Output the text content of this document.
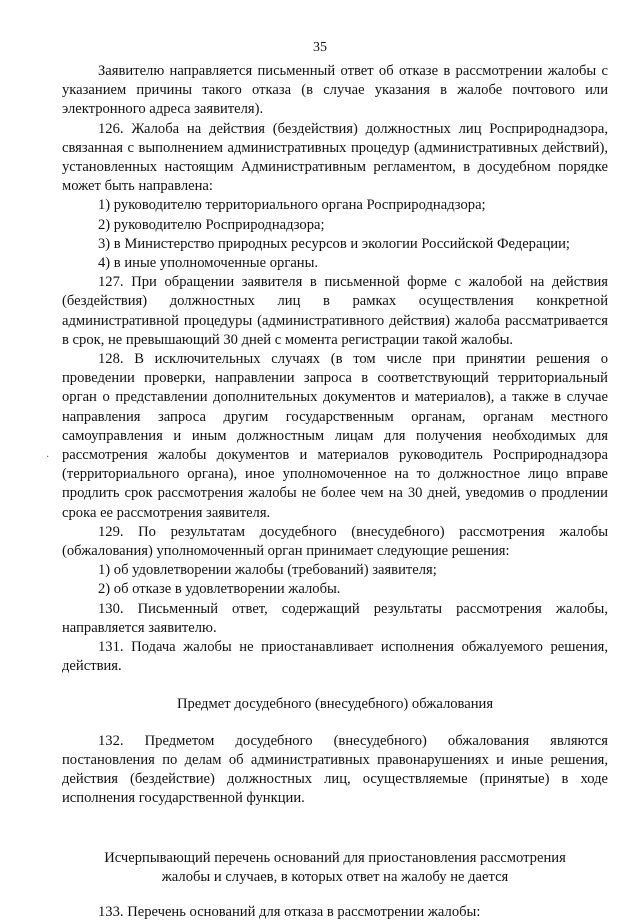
35
·

Заявителю направляется письменный ответ об отказе в рассмотрении жалобы с указанием причины такого отказа (в случае указания в жалобе почтового или электронного адреса заявителя).

126. Жалоба на действия (бездействия) должностных лиц Росприроднадзора, связанная с выполнением административных процедур (административных действий), установленных настоящим Административным регламентом, в досудебном порядке может быть направлена:

1) руководителю территориального органа Росприроднадзора;

2) руководителю Росприроднадзора;

3) в Министерство природных ресурсов и экологии Российской Федерации;

4) в иные уполномоченные органы.

127. При обращении заявителя в письменной форме с жалобой на действия (бездействия) должностных лиц в рамках осуществления конкретной административной процедуры (административного действия) жалоба рассматривается в срок, не превышающий 30 дней с момента регистрации такой жалобы.

128. В исключительных случаях (в том числе при принятии решения о проведении проверки, направлении запроса в соответствующий территориальный орган о представлении дополнительных документов и материалов), а также в случае направления запроса другим государственным органам, органам местного самоуправления и иным должностным лицам для получения необходимых для рассмотрения жалобы документов и материалов руководитель Росприроднадзора (территориального органа), иное уполномоченное на то должностное лицо вправе продлить срок рассмотрения жалобы не более чем на 30 дней, уведомив о продлении срока ее рассмотрения заявителя.

129. По результатам досудебного (внесудебного) рассмотрения жалобы (обжалования) уполномоченный орган принимает следующие решения:

1) об удовлетворении жалобы (требований) заявителя;

2) об отказе в удовлетворении жалобы.

130. Письменный ответ, содержащий результаты рассмотрения жалобы, направляется заявителю.

131. Подача жалобы не приостанавливает исполнения обжалуемого решения, действия.

Предмет досудебного (внесудебного) обжалования

132. Предметом досудебного (внесудебного) обжалования являются постановления по делам об административных правонарушениях и иные решения, действия (бездействие) должностных лиц, осуществляемые (принятые) в ходе исполнения государственной функции.

Исчерпывающий перечень оснований для приостановления рассмотрения
жалобы и случаев, в которых ответ на жалобу не дается

133. Перечень оснований для отказа в рассмотрении жалобы:
